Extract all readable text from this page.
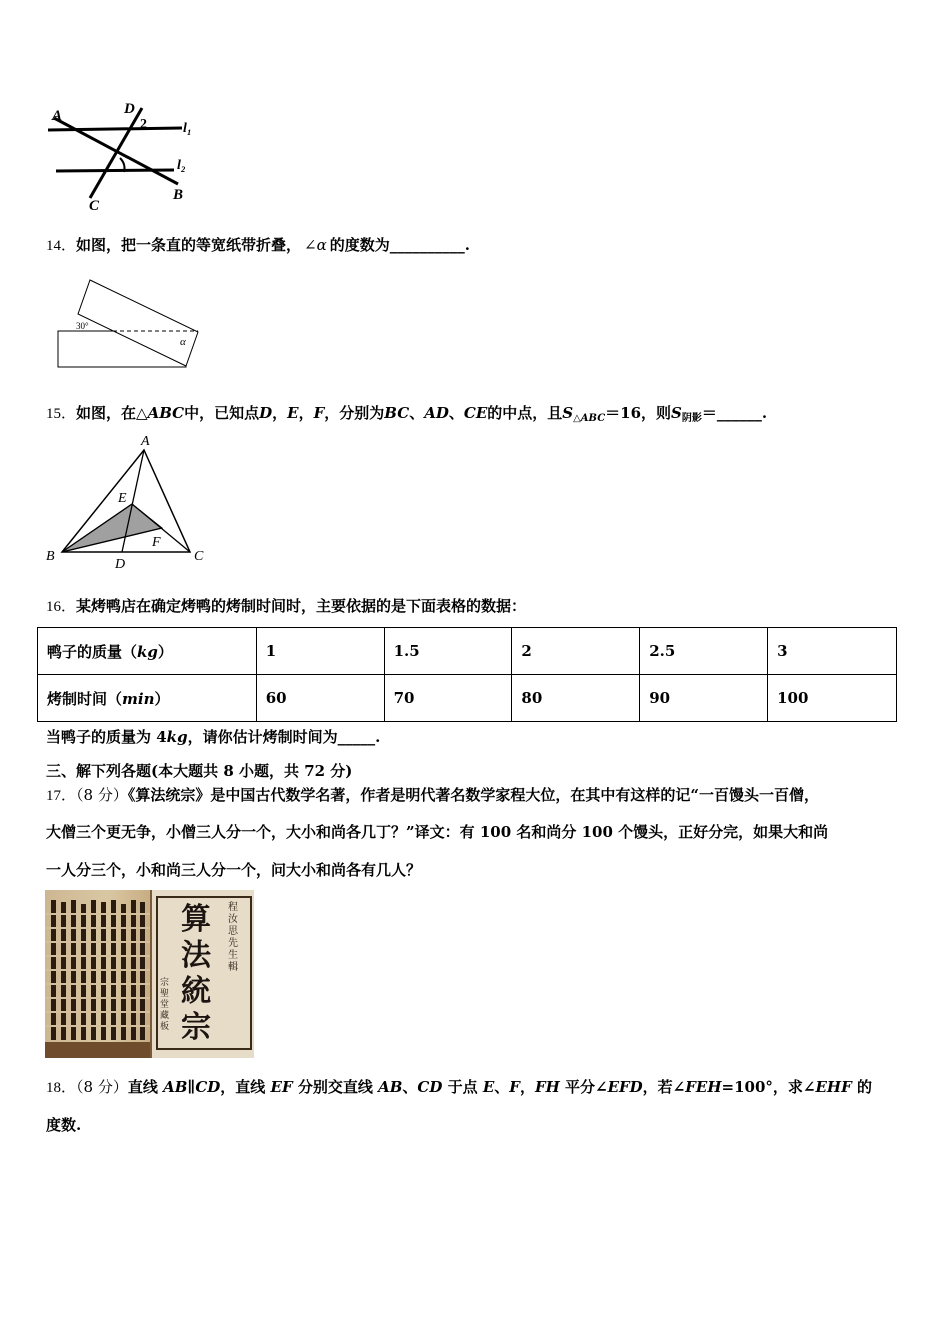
A	D
2	l₁
l₂
B
C
14．如图，把一条直的等宽纸带折叠， ∠α 的度数为__________.
30°
α
15．如图，在△ABC中，已知点D，E，F，分别为BC、AD、CE的中点，且$S_{\triangle ABC}=16$，则$S_{阴影}=\_\_\_\_\_\_$.
A
E
F
B
D
C
16．某烤鸭店在确定烤鸭的烤制时间时，主要依据的是下面表格的数据：
鸭子的质量（kg）	1	1.5	2	2.5	3
烤制时间（min）	60	70	80	90	100
当鸭子的质量为 4kg，请你估计烤制时间为_____.
三、解下列各题(本大题共 8 小题，共 72 分)
17．（8 分）《算法统宗》是中国古代数学名著，作者是明代著名数学家程大位，在其中有这样的记“一百馒头一百僧，
大僧三个更无争，小僧三人分一个，大小和尚各几丁？”译文：有 100 名和尚分 100 个馒头，正好分完，如果大和尚
一人分三个，小和尚三人分一个，问大小和尚各有几人？
算
法
統
宗
程汝思先生輯
宗聖堂藏板
18．（8 分）直线 AB∥CD，直线 EF 分别交直线 AB、CD 于点 E、F，FH 平分∠EFD，若∠FEH=100°，求∠EHF 的
度数.
